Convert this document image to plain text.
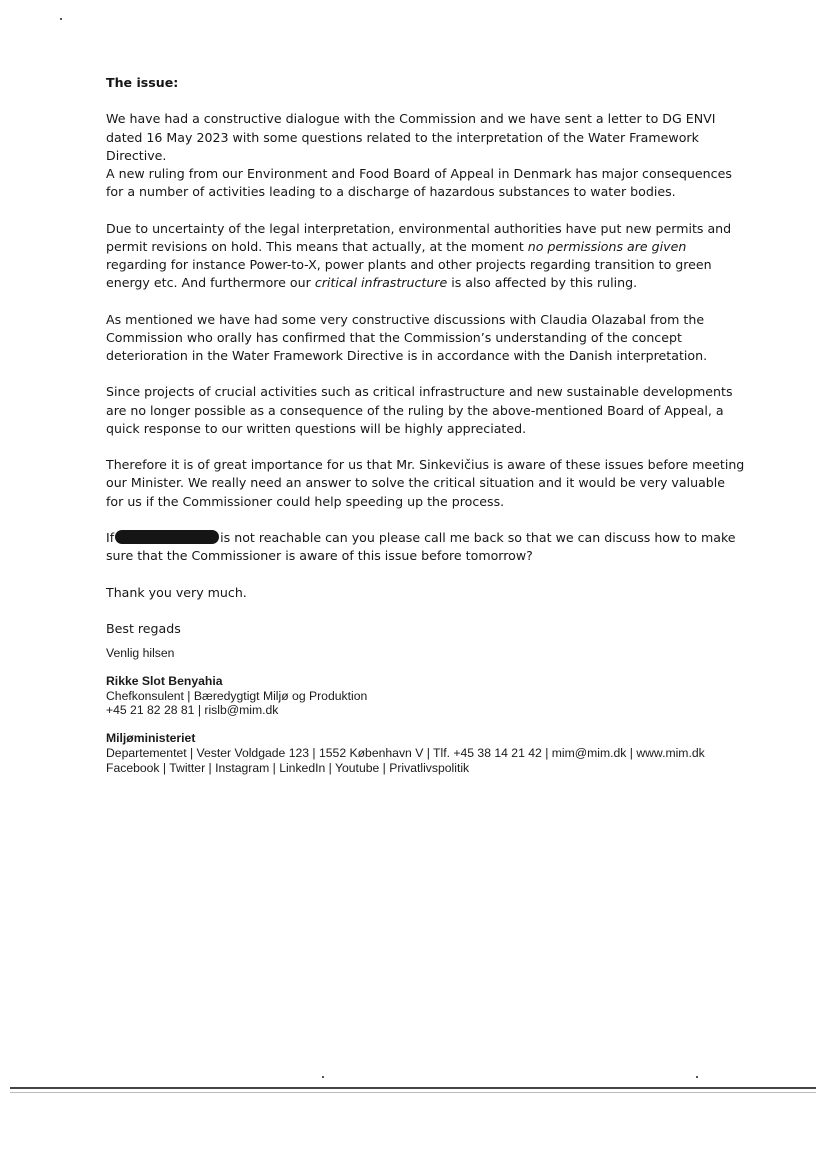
The issue:

We have had a constructive dialogue with the Commission and we have sent a letter to DG ENVI dated 16 May 2023 with some questions related to the interpretation of the Water Framework Directive.
A new ruling from our Environment and Food Board of Appeal in Denmark has major consequences for a number of activities leading to a discharge of hazardous substances to water bodies.

Due to uncertainty of the legal interpretation, environmental authorities have put new permits and permit revisions on hold. This means that actually, at the moment no permissions are given regarding for instance Power-to-X, power plants and other projects regarding transition to green energy etc. And furthermore our critical infrastructure is also affected by this ruling.

As mentioned we have had some very constructive discussions with Claudia Olazabal from the Commission who orally has confirmed that the Commission’s understanding of the concept deterioration in the Water Framework Directive is in accordance with the Danish interpretation.

Since projects of crucial activities such as critical infrastructure and new sustainable developments are no longer possible as a consequence of the ruling by the above-mentioned Board of Appeal, a quick response to our written questions will be highly appreciated.

Therefore it is of great importance for us that Mr. Sinkevičius is aware of these issues before meeting our Minister. We really need an answer to solve the critical situation and it would be very valuable for us if the Commissioner could help speeding up the process.

If	is not reachable can you please call me back so that we can discuss how to make sure that the Commissioner is aware of this issue before tomorrow?

Thank you very much.

Best regads

Venlig hilsen
Rikke Slot Benyahia
Chefkonsulent | Bæredygtigt Miljø og Produktion
+45 21 82 28 81 | rislb@mim.dk
Miljøministeriet
Departementet | Vester Voldgade 123 | 1552 København V | Tlf. +45 38 14 21 42 | mim@mim.dk | www.mim.dk
Facebook | Twitter | Instagram | LinkedIn | Youtube | Privatlivspolitik
